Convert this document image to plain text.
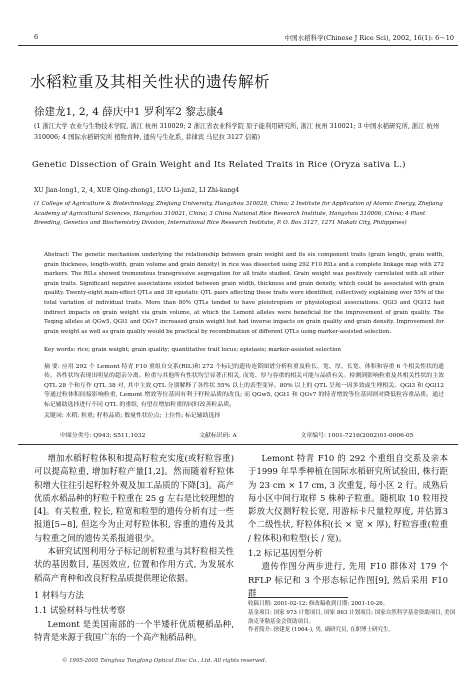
6	中国水稻科学(Chinese J Rice Sci), 2002, 16(1): 6～10
水稻粒重及其相关性状的遗传解析
徐建龙1, 2, 4 薛庆中1 罗利军2 黎志康4
(1 浙江大学 农业与生物技术学院, 浙江 杭州 310029; 2 浙江省农业科学院 原子能利用研究所, 浙江 杭州 310021; 3 中国水稻研究所, 浙江 杭州 310006; 4 国际水稻研究所 植物育种, 遗传与生化系, 菲律宾 马尼拉 3127 信箱)
Genetic Dissection of Grain Weight and Its Related Traits in Rice (Oryza sativa L.)
XU Jian-long1, 2, 4, XUE Qing-zhong1, LUO Li-jun2, LI Zhi-kang4
(1 College of Agriculture & Biotechnology, Zhejiang University, Hangzhou 310029, China; 2 Institute for Application of Atomic Energy, Zhejiang Academy of Agricultural Sciences, Hangzhou 310021, China; 3 China National Rice Research Institute, Hangzhou 310006, China; 4 Plant Breeding, Genetics and Biochemistry Division, International Rice Research Institute, P. O. Box 3127, 1271 Makati City, Philippines)
Abstract: The genetic mechanism underlying the relationship between grain weight and its six component traits (grain length, grain width, grain thickness, length-width, grain volume and grain density) in rice was dissected using 292 F10 RILs and a complete linkage map with 272 markers. The RILs showed tremendous transgressive segregation for all traits studied. Grain weight was positively correlated with all other grain traits. Significant negative associations existed between grain width, thickness and grain density, which could be associated with grain quality. Twenty-eight main-effect QTLs and 38 epistatic QTL pairs affecting these traits were identified, collectively explaining over 55% of the total variation of individual traits. More than 80% QTLs tended to have pleiotropism or physiological associations. QGl3 and QGl12 had indirect impacts on grain weight via grain volume, at which the Lemont alleles were beneficial for the improvement of grain quality. The Teqing alleles at QGw5, QGt1 and QGv7 increased grain weight but had inverse impacts on grain quality and grain density. Improvement for grain weight as well as grain quality would be practical by recombination of different QTLs using marker-assisted selection.
Key words: rice; grain weight; grain quality; quantitative trait locus; epistasis; marker-assisted selection
摘 要: 应用 292 个 Lemont 特青 F10 重组自交系(RIL)和 272 个标记的遗传连锁图谱分析粒重及粒长、宽、厚、长宽、体积和容重 6 个相关性状的遗传。各性状均表现出明显的超亲分离。粒重与其他所有性状均呈显著正相关, 而宽、厚与容重的相关可能与品质有关。检测到影响粒重及其相关性状的主效 QTL 28 个和互作 QTL 38 对, 其中主效 QTL 分别解释了各性状 55% 以上的表型变异。80% 以上的 QTL 呈现一因多效或生理相关。QGl3 和 QGl12 等通过粒体积间接影响粒重, Lemont 增效等位基因有利于籽粒品质的改良; 而 QGw5, QGt1 和 QGv7 的特青增效等位基因则对降低粒容重品质。通过标记辅助选择进行不同 QTL 的重组, 有望在增加粒重的同时改善粒品质。
关键词: 水稻; 粒重; 籽粒品质; 数量性状位点; 上位性; 标记辅助选择
中图分类号: Q943; S511.1032	文献标识码: A	文章编号: 1001-7216(2002)01-0006-05

增加水稻籽粒体积和提高籽粒充实度(或籽粒容重)可以提高粒重, 增加籽粒产量[1,2]。然而随着籽粒体积增大往往引起籽粒外观及加工品质的下降[3]。高产优质水稻品种的籽粒千粒重在 25 g 左右是比较理想的[4]。有关粒重, 粒长, 粒宽和粒型的遗传分析有过一些报道[5~8], 但迄今为止对籽粒体积, 容重的遗传及其与粒重之间的遗传关系报道很少。

本研究试图利用分子标记剖析粒重与其籽粒相关性状的基因数目, 基因效应, 位置和作用方式, 为发展水稻高产育种和改良籽粒品质提供理论依据。

1 材料与方法
1.1 试验材料与性状考察

Lemont 是美国南部的一个半矮秆优质粳稻品种, 特青是来源于我国广东的一个高产籼稻品种。

Lemont 特青 F10 的 292 个重组自交系及亲本于1999 年旱季种植在国际水稻研究所试验田, 株行距为 23 cm × 17 cm, 3 次重复, 每小区 2 行。成熟后每小区中间行取样 5 株种子粒重。随机取 10 粒用投影放大仪测籽粒长宽, 用游标卡尺量粒厚度, 并估算3 个二级性状, 籽粒体积(长 × 宽 × 厚), 籽粒容重(粒重 / 粒体积)和粒型(长 / 宽)。

1.2 标记基因型分析

遗传作图分两步进行, 先用 F10 群体对 179 个RFLP 标记和 3 个形态标记作图[9], 然后采用 F10 群

收稿日期: 2001-02-12; 修改稿收到日期: 2001-10-26。
基金项目: 国家 973 计划项目, 国家 863 计划项目; 国家自然科学基金资助项目, 美国洛克菲勒基金会资助项目。
作者简介: 徐建龙 (1964-), 男, 副研究员, 在职博士研究生。
© 1995-2005 Tsinghua Tongfang Optical Disc Co., Ltd. All rights reserved.
